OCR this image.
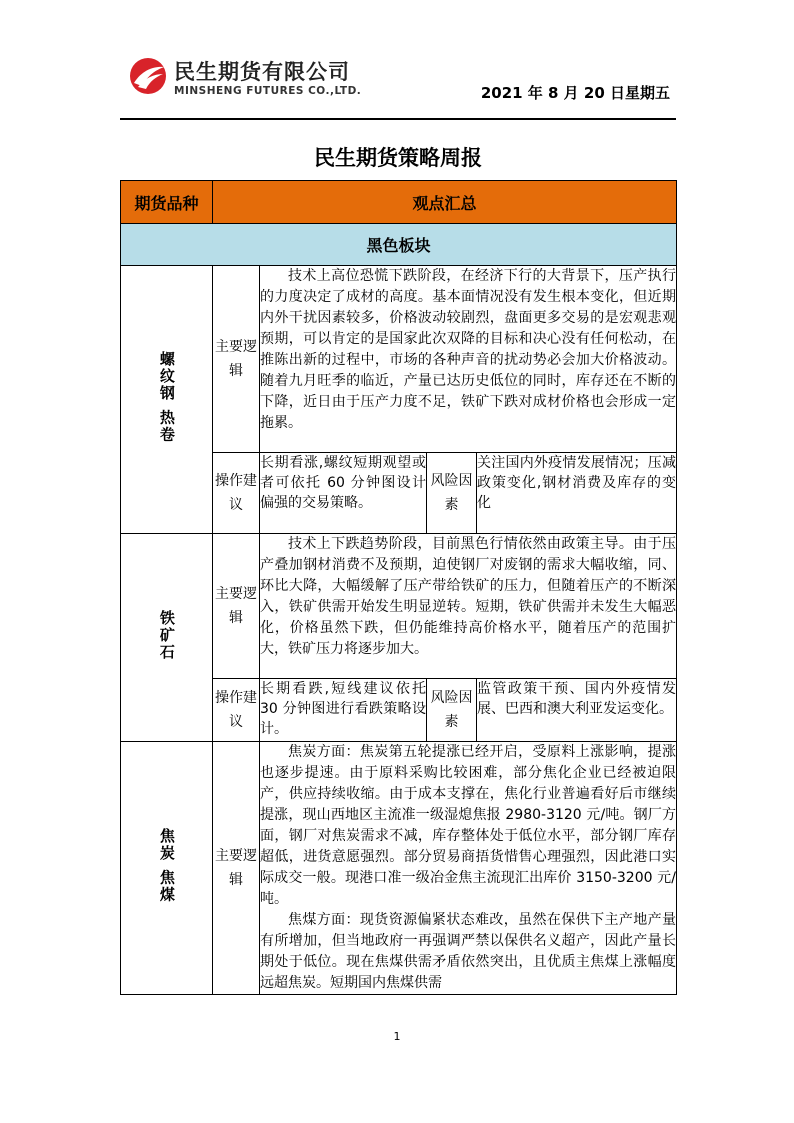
民生期货有限公司
MINSHENG FUTURES CO.,LTD.	2021 年 8 月 20 日星期五
民生期货策略周报
期货品种	观点汇总			
黑色板块				
螺纹钢 热卷	主要逻辑	技术上高位恐慌下跌阶段，在经济下行的大背景下，压产执行的力度决定了成材的高度。基本面情况没有发生根本变化，但近期内外干扰因素较多，价格波动较剧烈，盘面更多交易的是宏观悲观预期，可以肯定的是国家此次双降的目标和决心没有任何松动，在推陈出新的过程中，市场的各种声音的扰动势必会加大价格波动。随着九月旺季的临近，产量已达历史低位的同时，库存还在不断的下降，近日由于压产力度不足，铁矿下跌对成材价格也会形成一定拖累。		

	操作建议	长期看涨,螺纹短期观望或者可依托 60 分钟图设计偏强的交易策略。	风险因素	关注国内外疫情发展情况；压减政策变化,钢材消费及库存的变化
铁矿石	主要逻辑	技术上下跌趋势阶段，目前黑色行情依然由政策主导。由于压产叠加钢材消费不及预期，迫使钢厂对废钢的需求大幅收缩，同、环比大降，大幅缓解了压产带给铁矿的压力，但随着压产的不断深入，铁矿供需开始发生明显逆转。短期，铁矿供需并未发生大幅恶化，价格虽然下跌，但仍能维持高价格水平，随着压产的范围扩大，铁矿压力将逐步加大。		

	操作建议	长期看跌,短线建议依托 30 分钟图进行看跌策略设计。	风险因素	监管政策干预、国内外疫情发展、巴西和澳大利亚发运变化。
焦炭 焦煤	主要逻辑	焦炭方面：焦炭第五轮提涨已经开启，受原料上涨影响，提涨也逐步提速。由于原料采购比较困难，部分焦化企业已经被迫限产，供应持续收缩。由于成本支撑在，焦化行业普遍看好后市继续提涨，现山西地区主流准一级湿熄焦报 2980-3120 元/吨。钢厂方面，钢厂对焦炭需求不减，库存整体处于低位水平，部分钢厂库存超低，进货意愿强烈。部分贸易商捂货惜售心理强烈，因此港口实际成交一般。现港口准一级冶金焦主流现汇出库价 3150-3200 元/吨。

焦煤方面：现货资源偏紧状态难改，虽然在保供下主产地产量有所增加，但当地政府一再强调严禁以保供名义超产，因此产量长期处于低位。现在焦煤供需矛盾依然突出，且优质主焦煤上涨幅度远超焦炭。短期国内焦煤供需		

1
